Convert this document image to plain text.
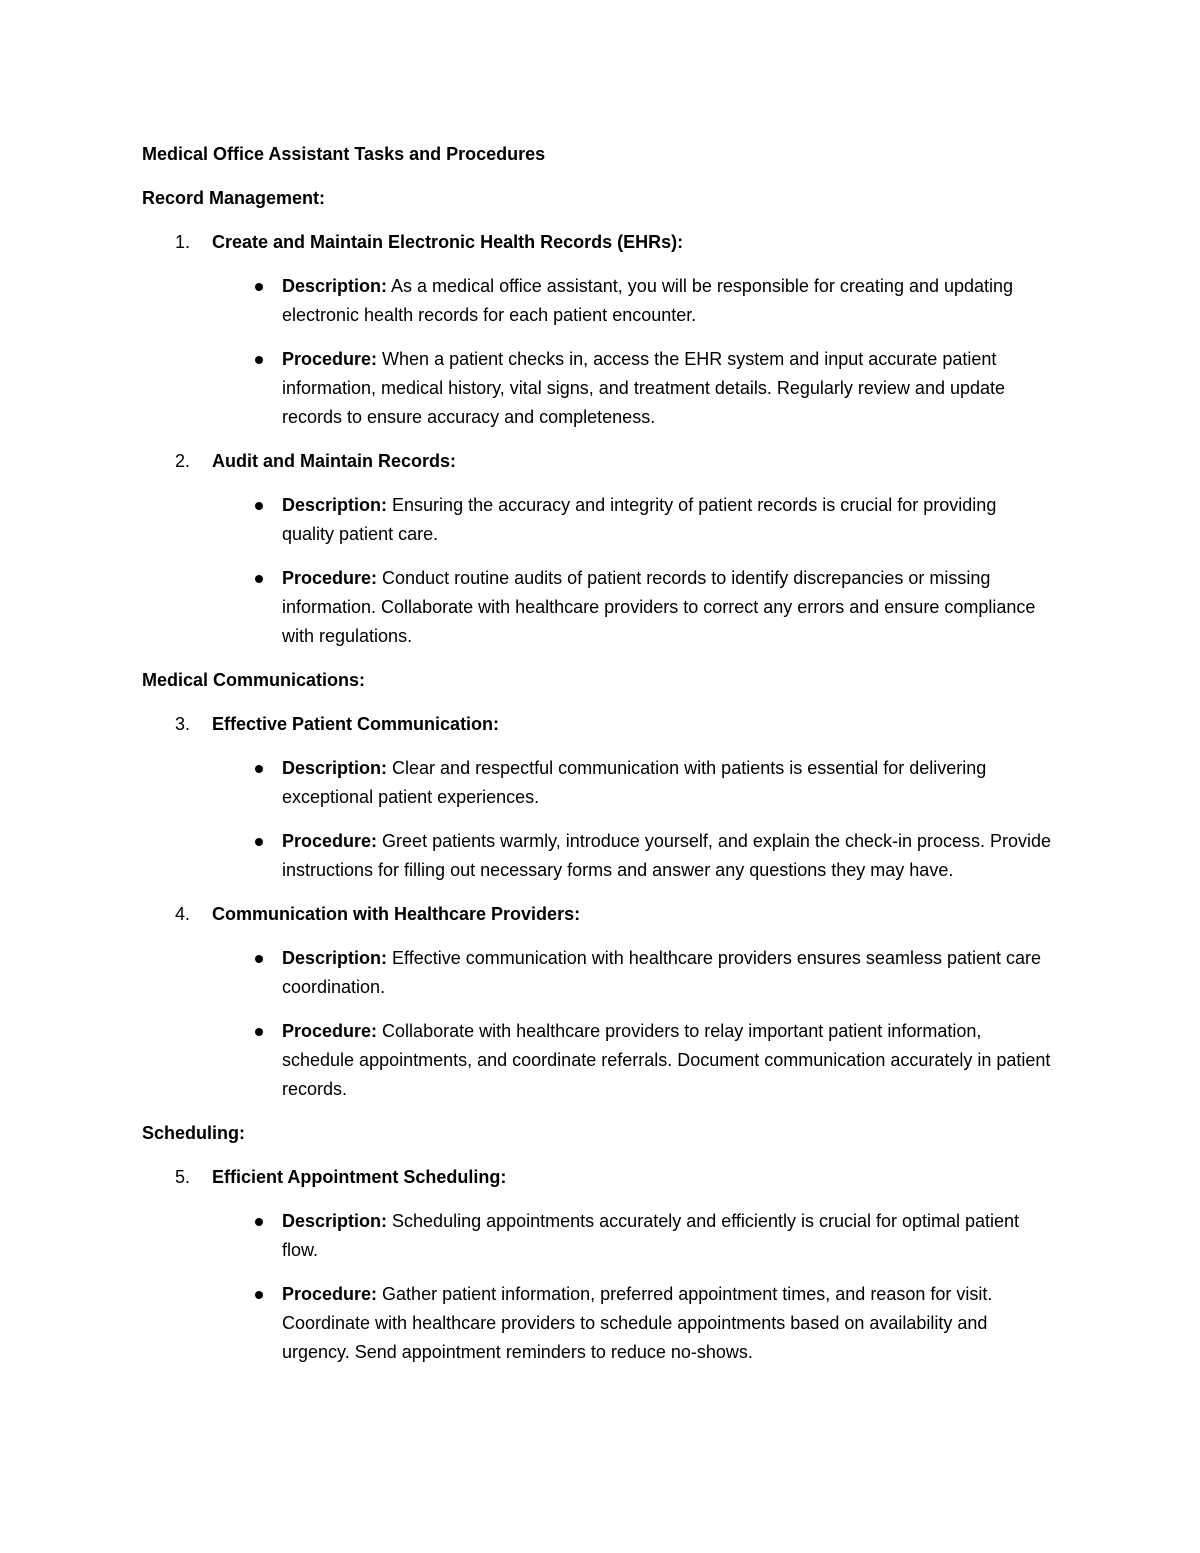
Medical Office Assistant Tasks and Procedures
Record Management:
1.	Create and Maintain Electronic Health Records (EHRs):
Description: As a medical office assistant, you will be responsible for creating and updating electronic health records for each patient encounter.
Procedure: When a patient checks in, access the EHR system and input accurate patient information, medical history, vital signs, and treatment details. Regularly review and update records to ensure accuracy and completeness.
2.	Audit and Maintain Records:
Description: Ensuring the accuracy and integrity of patient records is crucial for providing quality patient care.
Procedure: Conduct routine audits of patient records to identify discrepancies or missing information. Collaborate with healthcare providers to correct any errors and ensure compliance with regulations.
Medical Communications:
3.	Effective Patient Communication:
Description: Clear and respectful communication with patients is essential for delivering exceptional patient experiences.
Procedure: Greet patients warmly, introduce yourself, and explain the check-in process. Provide instructions for filling out necessary forms and answer any questions they may have.
4.	Communication with Healthcare Providers:
Description: Effective communication with healthcare providers ensures seamless patient care coordination.
Procedure: Collaborate with healthcare providers to relay important patient information, schedule appointments, and coordinate referrals. Document communication accurately in patient records.
Scheduling:
5.	Efficient Appointment Scheduling:
Description: Scheduling appointments accurately and efficiently is crucial for optimal patient flow.
Procedure: Gather patient information, preferred appointment times, and reason for visit. Coordinate with healthcare providers to schedule appointments based on availability and urgency. Send appointment reminders to reduce no-shows.
